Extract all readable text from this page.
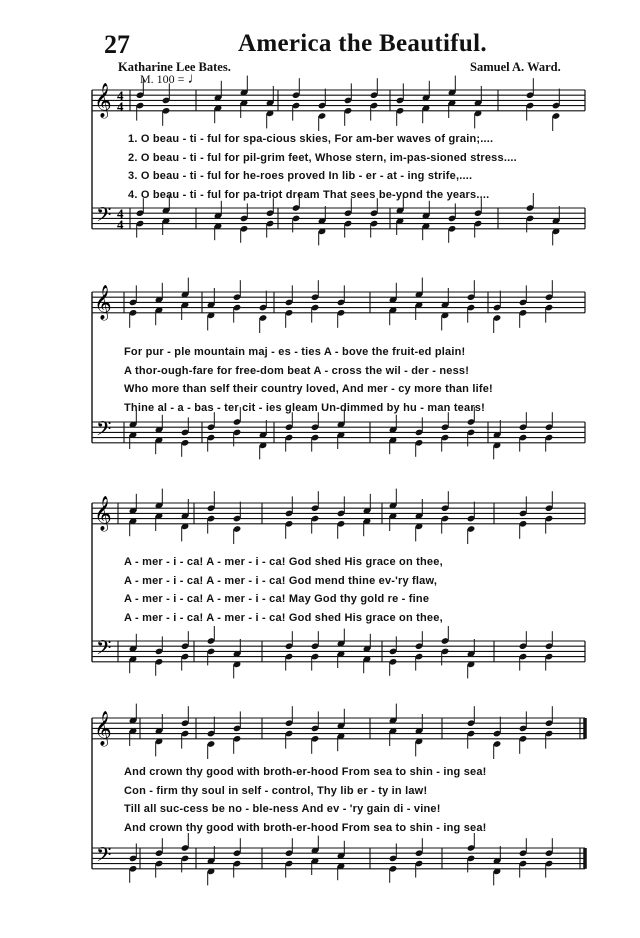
27	America the Beautiful.
Katharine Lee Bates.	Samuel A. Ward.
M. 100 = ♩
𝄞
𝄢
4
4
4
4
𝄞
𝄢
𝄞
𝄢
𝄞
𝄢
1. O beau - ti - ful for spa-cious skies, For am-ber waves of grain;....
2. O beau - ti - ful for pil-grim feet, Whose stern, im-pas-sioned stress....
3. O beau - ti - ful for he-roes proved In lib - er - at - ing strife,....
4. O beau - ti - ful for pa-triot dream That sees be-yond the years....
For pur - ple mountain maj - es - ties A - bove the fruit-ed plain!
A thor-ough-fare for free-dom beat A - cross the wil - der - ness!
Who more than self their country loved, And mer - cy more than life!
Thine al - a - bas - ter cit - ies gleam Un-dimmed by hu - man tears!
A - mer - i - ca! A - mer - i - ca! God shed His grace on thee,
A - mer - i - ca! A - mer - i - ca! God mend thine ev-'ry flaw,
A - mer - i - ca! A - mer - i - ca! May God thy gold re - fine
A - mer - i - ca! A - mer - i - ca! God shed His grace on thee,
And crown thy good with broth-er-hood From sea to shin - ing sea!
Con - firm thy soul in self - control, Thy lib er - ty in law!
Till all suc-cess be no - ble-ness And ev - 'ry gain di - vine!
And crown thy good with broth-er-hood From sea to shin - ing sea!
